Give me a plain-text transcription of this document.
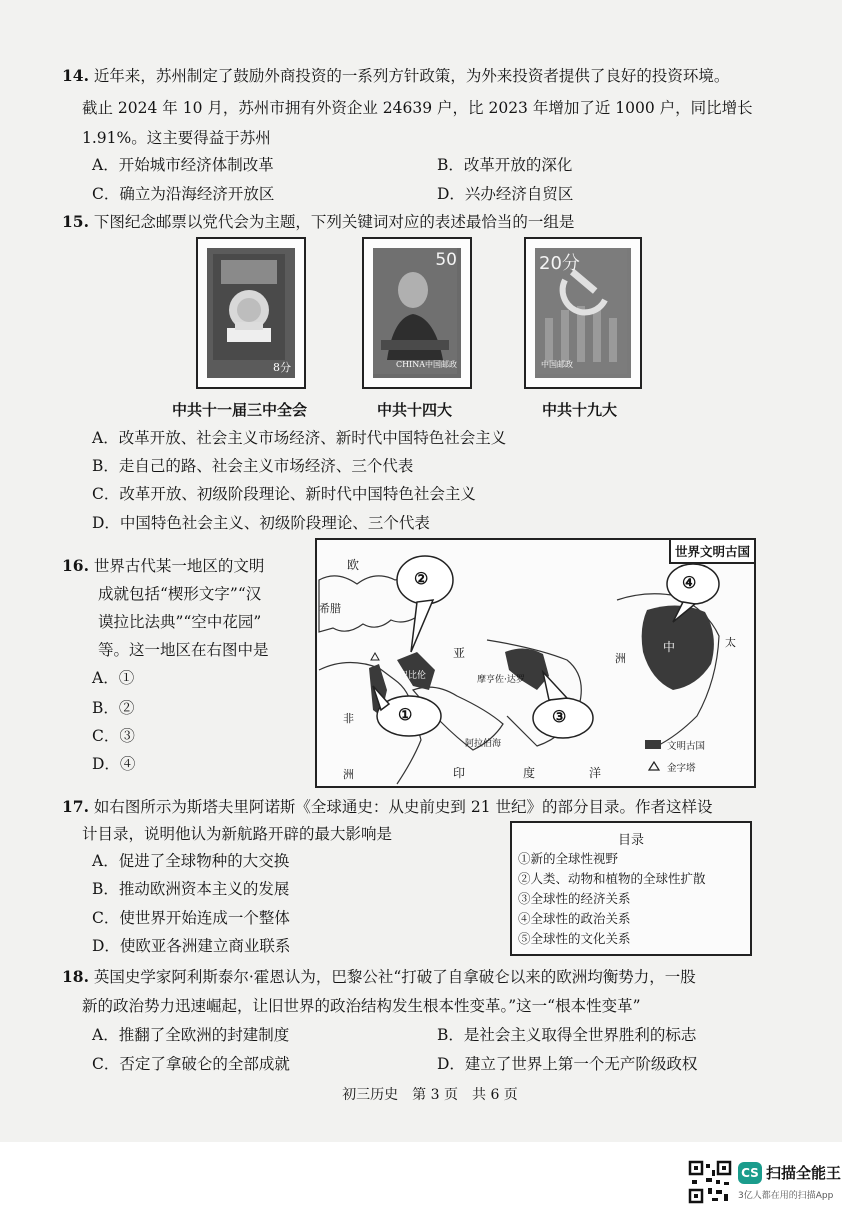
14. 近年来，苏州制定了鼓励外商投资的一系列方针政策，为外来投资者提供了良好的投资环境。
截止 2024 年 10 月，苏州市拥有外资企业 24639 户，比 2023 年增加了近 1000 户，同比增长
1.91%。这主要得益于苏州
A．开始城市经济体制改革	B．改革开放的深化
C．确立为沿海经济开放区	D．兴办经济自贸区
15. 下图纪念邮票以党代会为主题，下列关键词对应的表述最恰当的一组是
8分
中共十一届三中全会
50
CHINA中国邮政
中共十四大
20分
中国邮政
中共十九大
A．改革开放、社会主义市场经济、新时代中国特色社会主义
B．走自己的路、社会主义市场经济、三个代表
C．改革开放、初级阶段理论、新时代中国特色社会主义
D．中国特色社会主义、初级阶段理论、三个代表
16. 世界古代某一地区的文明
成就包括“楔形文字”“汉
谟拉比法典”“空中花园”
等。这一地区在右图中是
A．①
B．②
C．③
D．④
世界文明古国
②
①	③
④
欧
希腊
亚
巴比伦	摩亨佐·达罗
中	太
洲
非
洲
阿拉伯海
印	度	洋
文明古国
金字塔
17. 如右图所示为斯塔夫里阿诺斯《全球通史：从史前史到 21 世纪》的部分目录。作者这样设
计目录，说明他认为新航路开辟的最大影响是
A．促进了全球物种的大交换
B．推动欧洲资本主义的发展
C．使世界开始连成一个整体
D．使欧亚各洲建立商业联系
目录
①新的全球性视野
②人类、动物和植物的全球性扩散
③全球性的经济关系
④全球性的政治关系
⑤全球性的文化关系
18. 英国史学家阿利斯泰尔·霍恩认为，巴黎公社“打破了自拿破仑以来的欧洲均衡势力，一股
新的政治势力迅速崛起，让旧世界的政治结构发生根本性变革。”这一“根本性变革”
A．推翻了全欧洲的封建制度	B．是社会主义取得全世界胜利的标志
C．否定了拿破仑的全部成就	D．建立了世界上第一个无产阶级政权
初三历史　第 3 页　共 6 页
CS 扫描全能王
3亿人都在用的扫描App
